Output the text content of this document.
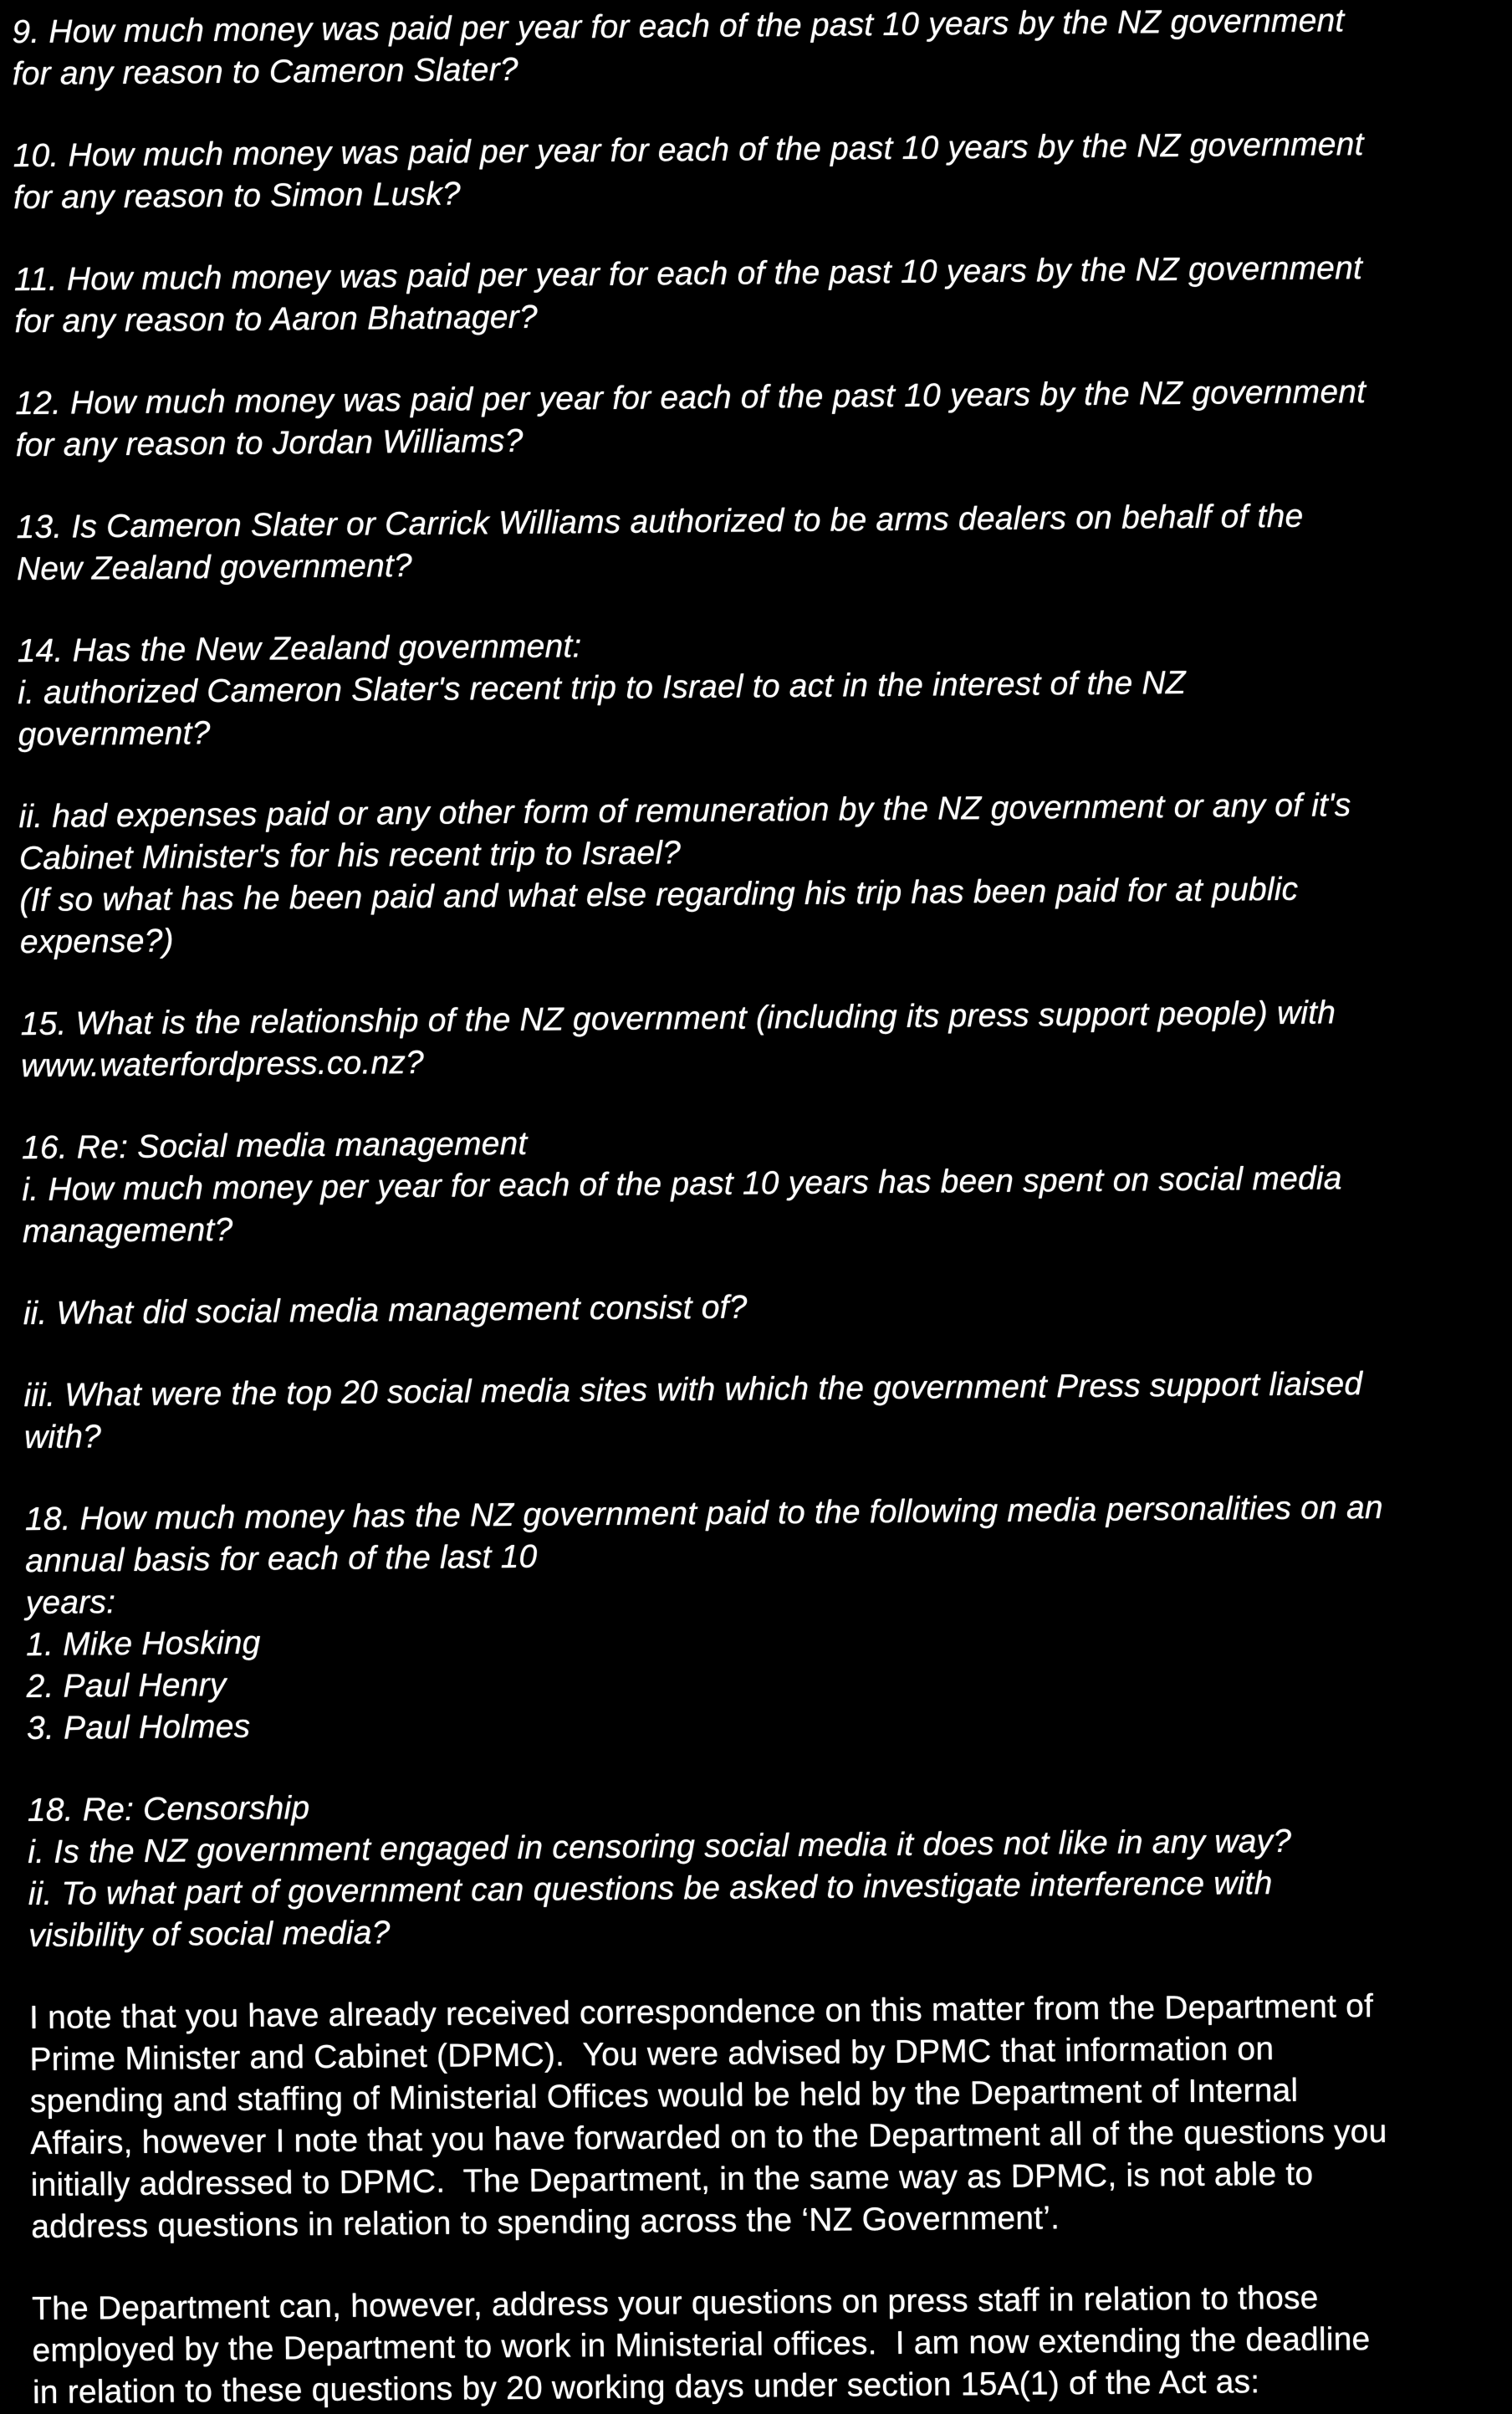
9. How much money was paid per year for each of the past 10 years by the NZ government
for any reason to Cameron Slater?

10. How much money was paid per year for each of the past 10 years by the NZ government
for any reason to Simon Lusk?

11. How much money was paid per year for each of the past 10 years by the NZ government
for any reason to Aaron Bhatnager?

12. How much money was paid per year for each of the past 10 years by the NZ government
for any reason to Jordan Williams?

13. Is Cameron Slater or Carrick Williams authorized to be arms dealers on behalf of the
New Zealand government?

14. Has the New Zealand government:
i. authorized Cameron Slater's recent trip to Israel to act in the interest of the NZ
government?

ii. had expenses paid or any other form of remuneration by the NZ government or any of it's
Cabinet Minister's for his recent trip to Israel?
(If so what has he been paid and what else regarding his trip has been paid for at public
expense?)

15. What is the relationship of the NZ government (including its press support people) with
www.waterfordpress.co.nz?

16. Re: Social media management
i. How much money per year for each of the past 10 years has been spent on social media
management?

ii. What did social media management consist of?

iii. What were the top 20 social media sites with which the government Press support liaised
with?

18. How much money has the NZ government paid to the following media personalities on an
annual basis for each of the last 10
years:
1. Mike Hosking
2. Paul Henry
3. Paul Holmes

18. Re: Censorship
i. Is the NZ government engaged in censoring social media it does not like in any way?
ii. To what part of government can questions be asked to investigate interference with
visibility of social media?

I note that you have already received correspondence on this matter from the Department of
Prime Minister and Cabinet (DPMC).  You were advised by DPMC that information on
spending and staffing of Ministerial Offices would be held by the Department of Internal
Affairs, however I note that you have forwarded on to the Department all of the questions you
initially addressed to DPMC.  The Department, in the same way as DPMC, is not able to
address questions in relation to spending across the ‘NZ Government’.

The Department can, however, address your questions on press staff in relation to those
employed by the Department to work in Ministerial offices.  I am now extending the deadline
in relation to these questions by 20 working days under section 15A(1) of the Act as:
